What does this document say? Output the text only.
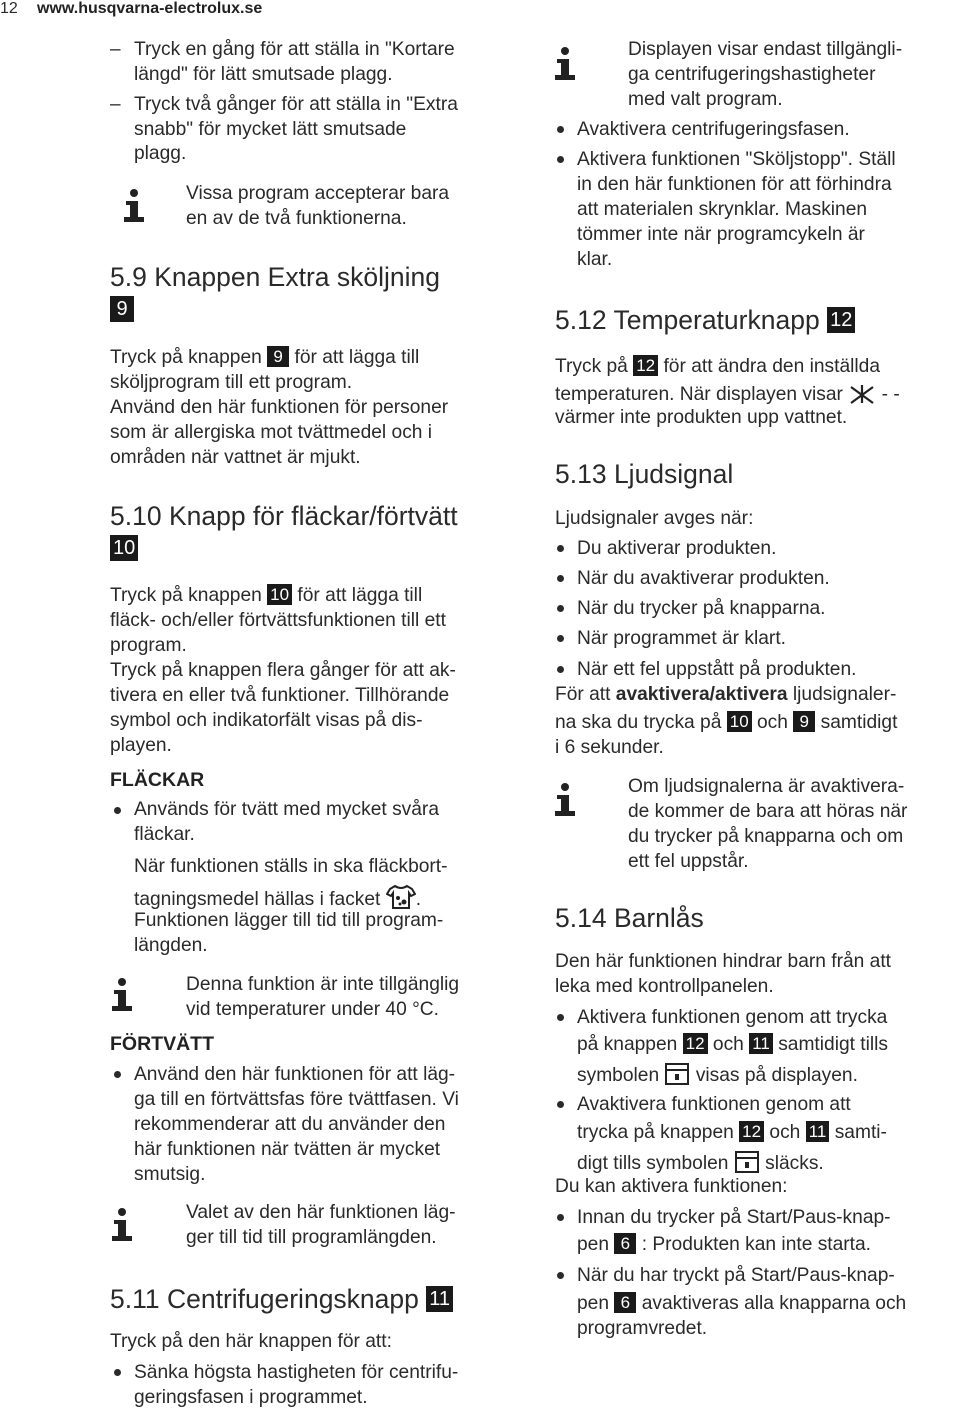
12	www.husqvarna-electrolux.se
– Tryck en gång för att ställa in "Kortare
längd" för lätt smutsade plagg.
– Tryck två gånger för att ställa in "Extra
snabb" för mycket lätt smutsade
plagg.
Vissa program accepterar bara
en av de två funktionerna.
5.9 Knappen Extra sköljning
9
Tryck på knappen 9 för att lägga till
sköljprogram till ett program.
Använd den här funktionen för personer
som är allergiska mot tvättmedel och i
områden när vattnet är mjukt.
5.10 Knapp för fläckar/förtvätt
10
Tryck på knappen 10 för att lägga till
fläck- och/eller förtvättsfunktionen till ett
program.
Tryck på knappen flera gånger för att ak-
tivera en eller två funktioner. Tillhörande
symbol och indikatorfält visas på dis-
playen.
FLÄCKAR
Används för tvätt med mycket svåra
fläckar.
När funktionen ställs in ska fläckbort-
tagningsmedel hällas i facket .
Funktionen lägger till tid till program-
längden.
Denna funktion är inte tillgänglig
vid temperaturer under 40 °C.
FÖRTVÄTT
Använd den här funktionen för att läg-
ga till en förtvättsfas före tvättfasen. Vi
rekommenderar att du använder den
här funktionen när tvätten är mycket
smutsig.
Valet av den här funktionen läg-
ger till tid till programlängden.
5.11 Centrifugeringsknapp 11
Tryck på den här knappen för att:
Sänka högsta hastigheten för centrifu-
geringsfasen i programmet.
Displayen visar endast tillgängli-
ga centrifugeringshastigheter
med valt program.
Avaktivera centrifugeringsfasen.
Aktivera funktionen "Sköljstopp". Ställ
in den här funktionen för att förhindra
att materialen skrynklar. Maskinen
tömmer inte när programcykeln är
klar.
5.12 Temperaturknapp 12
Tryck på 12 för att ändra den inställda
temperaturen. När displayen visar - -
värmer inte produkten upp vattnet.
5.13 Ljudsignal
Ljudsignaler avges när:
Du aktiverar produkten.
När du avaktiverar produkten.
När du trycker på knapparna.
När programmet är klart.
När ett fel uppstått på produkten.
För att avaktivera/aktivera ljudsignaler-
na ska du trycka på 10 och 9 samtidigt
i 6 sekunder.
Om ljudsignalerna är avaktivera-
de kommer de bara att höras när
du trycker på knapparna och om
ett fel uppstår.
5.14 Barnlås
Den här funktionen hindrar barn från att
leka med kontrollpanelen.
Aktivera funktionen genom att trycka
på knappen 12 och 11 samtidigt tills
symbolen visas på displayen.
Avaktivera funktionen genom att
trycka på knappen 12 och 11 samti-
digt tills symbolen släcks.
Du kan aktivera funktionen:
Innan du trycker på Start/Paus-knap-
pen 6 : Produkten kan inte starta.
När du har tryckt på Start/Paus-knap-
pen 6 avaktiveras alla knapparna och
programvredet.
